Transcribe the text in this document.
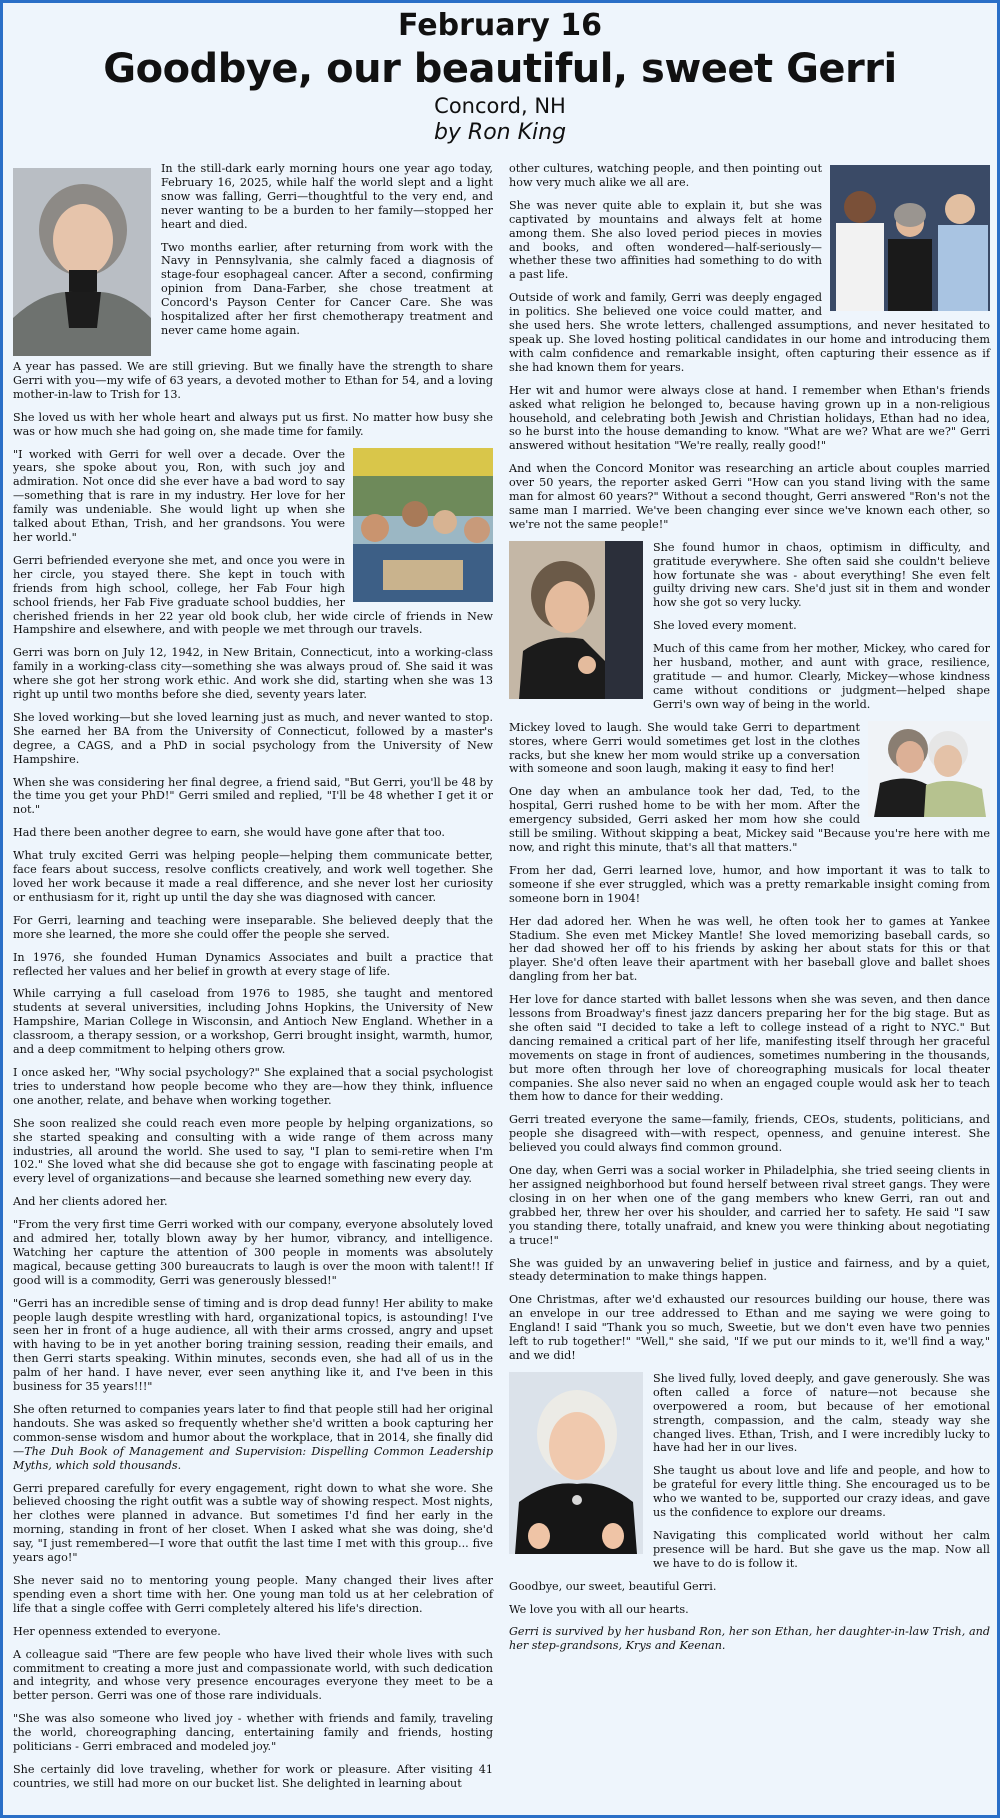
February 16
Goodbye, our beautiful, sweet Gerri
Concord, NH
by Ron King

In the still-dark early morning hours one year ago today, February 16, 2025, while half the world slept and a light snow was falling, Gerri—thoughtful to the very end, and never wanting to be a burden to her family—stopped her heart and died.

Two months earlier, after returning from work with the Navy in Pennsylvania, she calmly faced a diagnosis of stage-four esophageal cancer. After a second, confirming opinion from Dana-Farber, she chose treatment at Concord's Payson Center for Cancer Care. She was hospitalized after her first chemotherapy treatment and never came home again.

A year has passed. We are still grieving. But we finally have the strength to share Gerri with you—my wife of 63 years, a devoted mother to Ethan for 54, and a loving mother-in-law to Trish for 13.

She loved us with her whole heart and always put us first. No matter how busy she was or how much she had going on, she made time for family.

"I worked with Gerri for well over a decade. Over the years, she spoke about you, Ron, with such joy and admiration. Not once did she ever have a bad word to say—something that is rare in my industry. Her love for her family was undeniable. She would light up when she talked about Ethan, Trish, and her grandsons. You were her world."

Gerri befriended everyone she met, and once you were in her circle, you stayed there. She kept in touch with friends from high school, college, her Fab Four high school friends, her Fab Five graduate school buddies, her cherished friends in her 22 year old book club, her wide circle of friends in New Hampshire and elsewhere, and with people we met through our travels.

Gerri was born on July 12, 1942, in New Britain, Connecticut, into a working-class family in a working-class city—something she was always proud of. She said it was where she got her strong work ethic. And work she did, starting when she was 13 right up until two months before she died, seventy years later.

She loved working—but she loved learning just as much, and never wanted to stop. She earned her BA from the University of Connecticut, followed by a master's degree, a CAGS, and a PhD in social psychology from the University of New Hampshire.

When she was considering her final degree, a friend said, "But Gerri, you'll be 48 by the time you get your PhD!" Gerri smiled and replied, "I'll be 48 whether I get it or not."

Had there been another degree to earn, she would have gone after that too.

What truly excited Gerri was helping people—helping them communicate better, face fears about success, resolve conflicts creatively, and work well together. She loved her work because it made a real difference, and she never lost her curiosity or enthusiasm for it, right up until the day she was diagnosed with cancer.

For Gerri, learning and teaching were inseparable. She believed deeply that the more she learned, the more she could offer the people she served.

In 1976, she founded Human Dynamics Associates and built a practice that reflected her values and her belief in growth at every stage of life.

While carrying a full caseload from 1976 to 1985, she taught and mentored students at several universities, including Johns Hopkins, the University of New Hampshire, Marian College in Wisconsin, and Antioch New England. Whether in a classroom, a therapy session, or a workshop, Gerri brought insight, warmth, humor, and a deep commitment to helping others grow.

I once asked her, "Why social psychology?" She explained that a social psychologist tries to understand how people become who they are—how they think, influence one another, relate, and behave when working together.

She soon realized she could reach even more people by helping organizations, so she started speaking and consulting with a wide range of them across many industries, all around the world. She used to say, "I plan to semi-retire when I'm 102." She loved what she did because she got to engage with fascinating people at every level of organizations—and because she learned something new every day.

And her clients adored her.

"From the very first time Gerri worked with our company, everyone absolutely loved and admired her, totally blown away by her humor, vibrancy, and intelligence. Watching her capture the attention of 300 people in moments was absolutely magical, because getting 300 bureaucrats to laugh is over the moon with talent!! If good will is a commodity, Gerri was generously blessed!"

"Gerri has an incredible sense of timing and is drop dead funny! Her ability to make people laugh despite wrestling with hard, organizational topics, is astounding! I've seen her in front of a huge audience, all with their arms crossed, angry and upset with having to be in yet another boring training session, reading their emails, and then Gerri starts speaking. Within minutes, seconds even, she had all of us in the palm of her hand. I have never, ever seen anything like it, and I've been in this business for 35 years!!!"

She often returned to companies years later to find that people still had her original handouts. She was asked so frequently whether she'd written a book capturing her common-sense wisdom and humor about the workplace, that in 2014, she finally did—The Duh Book of Management and Supervision: Dispelling Common Leadership Myths, which sold thousands.

Gerri prepared carefully for every engagement, right down to what she wore. She believed choosing the right outfit was a subtle way of showing respect. Most nights, her clothes were planned in advance. But sometimes I'd find her early in the morning, standing in front of her closet. When I asked what she was doing, she'd say, "I just remembered—I wore that outfit the last time I met with this group... five years ago!"

She never said no to mentoring young people. Many changed their lives after spending even a short time with her. One young man told us at her celebration of life that a single coffee with Gerri completely altered his life's direction.

Her openness extended to everyone.

A colleague said "There are few people who have lived their whole lives with such commitment to creating a more just and compassionate world, with such dedication and integrity, and whose very presence encourages everyone they meet to be a better person. Gerri was one of those rare individuals.

"She was also someone who lived joy - whether with friends and family, traveling the world, choreographing dancing, entertaining family and friends, hosting politicians - Gerri embraced and modeled joy."

She certainly did love traveling, whether for work or pleasure. After visiting 41 countries, we still had more on our bucket list. She delighted in learning about

other cultures, watching people, and then pointing out how very much alike we all are.

She was never quite able to explain it, but she was captivated by mountains and always felt at home among them. She also loved period pieces in movies and books, and often wondered—half-seriously—whether these two affinities had something to do with a past life.

Outside of work and family, Gerri was deeply engaged in politics. She believed one voice could matter, and she used hers. She wrote letters, challenged assumptions, and never hesitated to speak up. She loved hosting political candidates in our home and introducing them with calm confidence and remarkable insight, often capturing their essence as if she had known them for years.

Her wit and humor were always close at hand. I remember when Ethan's friends asked what religion he belonged to, because having grown up in a non-religious household, and celebrating both Jewish and Christian holidays, Ethan had no idea, so he burst into the house demanding to know. "What are we? What are we?" Gerri answered without hesitation "We're really, really good!"

And when the Concord Monitor was researching an article about couples married over 50 years, the reporter asked Gerri "How can you stand living with the same man for almost 60 years?" Without a second thought, Gerri answered "Ron's not the same man I married. We've been changing ever since we've known each other, so we're not the same people!"

She found humor in chaos, optimism in difficulty, and gratitude everywhere. She often said she couldn't believe how fortunate she was - about everything! She even felt guilty driving new cars. She'd just sit in them and wonder how she got so very lucky.

She loved every moment.

Much of this came from her mother, Mickey, who cared for her husband, mother, and aunt with grace, resilience, gratitude — and humor. Clearly, Mickey—whose kindness came without conditions or judgment—helped shape Gerri's own way of being in the world.

Mickey loved to laugh. She would take Gerri to department stores, where Gerri would sometimes get lost in the clothes racks, but she knew her mom would strike up a conversation with someone and soon laugh, making it easy to find her!

One day when an ambulance took her dad, Ted, to the hospital, Gerri rushed home to be with her mom. After the emergency subsided, Gerri asked her mom how she could still be smiling. Without skipping a beat, Mickey said "Because you're here with me now, and right this minute, that's all that matters."

From her dad, Gerri learned love, humor, and how important it was to talk to someone if she ever struggled, which was a pretty remarkable insight coming from someone born in 1904!

Her dad adored her. When he was well, he often took her to games at Yankee Stadium. She even met Mickey Mantle! She loved memorizing baseball cards, so her dad showed her off to his friends by asking her about stats for this or that player. She'd often leave their apartment with her baseball glove and ballet shoes dangling from her bat.

Her love for dance started with ballet lessons when she was seven, and then dance lessons from Broadway's finest jazz dancers preparing her for the big stage. But as she often said "I decided to take a left to college instead of a right to NYC." But dancing remained a critical part of her life, manifesting itself through her graceful movements on stage in front of audiences, sometimes numbering in the thousands, but more often through her love of choreographing musicals for local theater companies. She also never said no when an engaged couple would ask her to teach them how to dance for their wedding.

Gerri treated everyone the same—family, friends, CEOs, students, politicians, and people she disagreed with—with respect, openness, and genuine interest. She believed you could always find common ground.

One day, when Gerri was a social worker in Philadelphia, she tried seeing clients in her assigned neighborhood but found herself between rival street gangs. They were closing in on her when one of the gang members who knew Gerri, ran out and grabbed her, threw her over his shoulder, and carried her to safety. He said "I saw you standing there, totally unafraid, and knew you were thinking about negotiating a truce!"

She was guided by an unwavering belief in justice and fairness, and by a quiet, steady determination to make things happen.

One Christmas, after we'd exhausted our resources building our house, there was an envelope in our tree addressed to Ethan and me saying we were going to England! I said "Thank you so much, Sweetie, but we don't even have two pennies left to rub together!" "Well," she said, "If we put our minds to it, we'll find a way," and we did!

She lived fully, loved deeply, and gave generously. She was often called a force of nature—not because she overpowered a room, but because of her emotional strength, compassion, and the calm, steady way she changed lives. Ethan, Trish, and I were incredibly lucky to have had her in our lives.

She taught us about love and life and people, and how to be grateful for every little thing. She encouraged us to be who we wanted to be, supported our crazy ideas, and gave us the confidence to explore our dreams.

Navigating this complicated world without her calm presence will be hard. But she gave us the map. Now all we have to do is follow it.

Goodbye, our sweet, beautiful Gerri.

We love you with all our hearts.

Gerri is survived by her husband Ron, her son Ethan, her daughter-in-law Trish, and her step-grandsons, Krys and Keenan.
